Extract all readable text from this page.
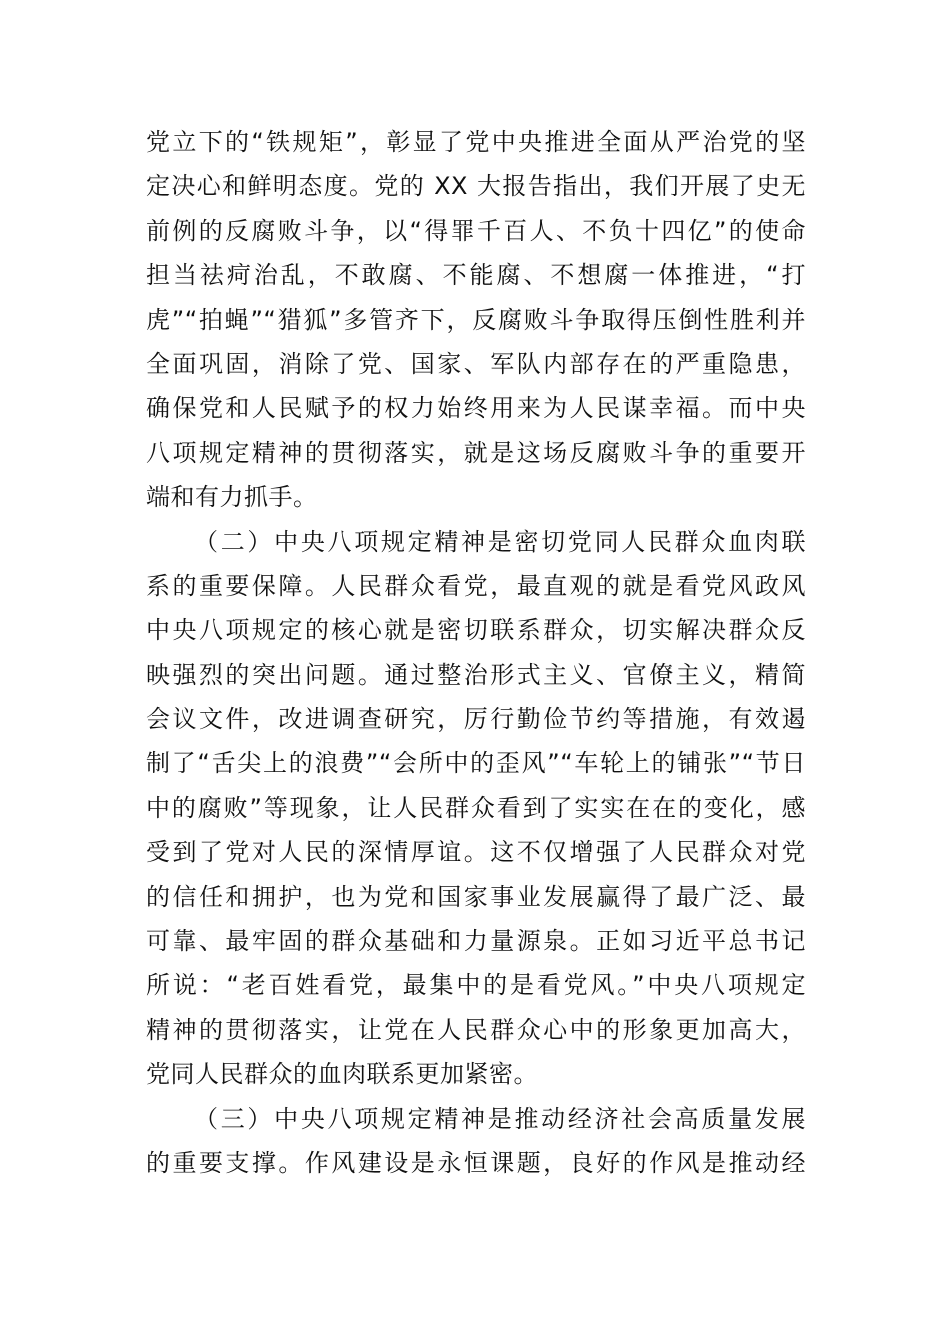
党立下的“铁规矩”，彰显了党中央推进全面从严治党的坚
定决心和鲜明态度。党的 XX 大报告指出，我们开展了史无
前例的反腐败斗争，以“得罪千百人、不负十四亿”的使命
担当祛疴治乱，不敢腐、不能腐、不想腐一体推进，“打
虎”“拍蝇”“猎狐”多管齐下，反腐败斗争取得压倒性胜利并
全面巩固，消除了党、国家、军队内部存在的严重隐患，
确保党和人民赋予的权力始终用来为人民谋幸福。而中央
八项规定精神的贯彻落实，就是这场反腐败斗争的重要开
端和有力抓手。
（二）中央八项规定精神是密切党同人民群众血肉联
系的重要保障。人民群众看党，最直观的就是看党风政风
中央八项规定的核心就是密切联系群众，切实解决群众反
映强烈的突出问题。通过整治形式主义、官僚主义，精简
会议文件，改进调查研究，厉行勤俭节约等措施，有效遏
制了“舌尖上的浪费”“会所中的歪风”“车轮上的铺张”“节日
中的腐败”等现象，让人民群众看到了实实在在的变化，感
受到了党对人民的深情厚谊。这不仅增强了人民群众对党
的信任和拥护，也为党和国家事业发展赢得了最广泛、最
可靠、最牢固的群众基础和力量源泉。正如习近平总书记
所说：“老百姓看党，最集中的是看党风。”中央八项规定
精神的贯彻落实，让党在人民群众心中的形象更加高大，
党同人民群众的血肉联系更加紧密。
（三）中央八项规定精神是推动经济社会高质量发展
的重要支撑。作风建设是永恒课题，良好的作风是推动经
